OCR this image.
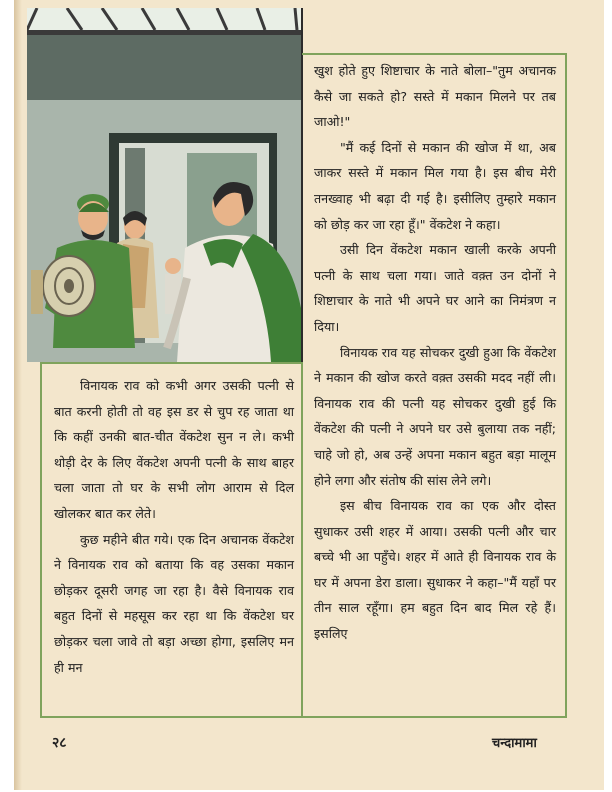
खुश होते हुए शिष्टाचार के नाते बोला–"तुम अचानक कैसे जा सकते हो? सस्ते में मकान मिलने पर तब जाओ!"

"मैं कई दिनों से मकान की खोज में था, अब जाकर सस्ते में मकान मिल गया है। इस बीच मेरी तनख्वाह भी बढ़ा दी गई है। इसीलिए तुम्हारे मकान को छोड़ कर जा रहा हूँ।" वेंकटेश ने कहा।

उसी दिन वेंकटेश मकान खाली करके अपनी पत्नी के साथ चला गया। जाते वक़्त उन दोनों ने शिष्टाचार के नाते भी अपने घर आने का निमंत्रण न दिया।

विनायक राव यह सोचकर दुखी हुआ कि वेंकटेश ने मकान की खोज करते वक़्त उसकी मदद नहीं ली। विनायक राव की पत्नी यह सोचकर दुखी हुई कि वेंकटेश की पत्नी ने अपने घर उसे बुलाया तक नहीं; चाहे जो हो, अब उन्हें अपना मकान बहुत बड़ा मालूम होने लगा और संतोष की सांस लेने लगे।

इस बीच विनायक राव का एक और दोस्त सुधाकर उसी शहर में आया। उसकी पत्नी और चार बच्चे भी आ पहुँचे। शहर में आते ही विनायक राव के घर में अपना डेरा डाला। सुधाकर ने कहा–"मैं यहाँ पर तीन साल रहूँगा। हम बहुत दिन बाद मिल रहे हैं। इसलिए

विनायक राव को कभी अगर उसकी पत्नी से बात करनी होती तो वह इस डर से चुप रह जाता था कि कहीं उनकी बात-चीत वेंकटेश सुन न ले। कभी थोड़ी देर के लिए वेंकटेश अपनी पत्नी के साथ बाहर चला जाता तो घर के सभी लोग आराम से दिल खोलकर बात कर लेते।

कुछ महीने बीत गये। एक दिन अचानक वेंकटेश ने विनायक राव को बताया कि वह उसका मकान छोड़कर दूसरी जगह जा रहा है। वैसे विनायक राव बहुत दिनों से महसूस कर रहा था कि वेंकटेश घर छोड़कर चला जावे तो बड़ा अच्छा होगा, इसलिए मन ही मन

२८	चन्दामामा
